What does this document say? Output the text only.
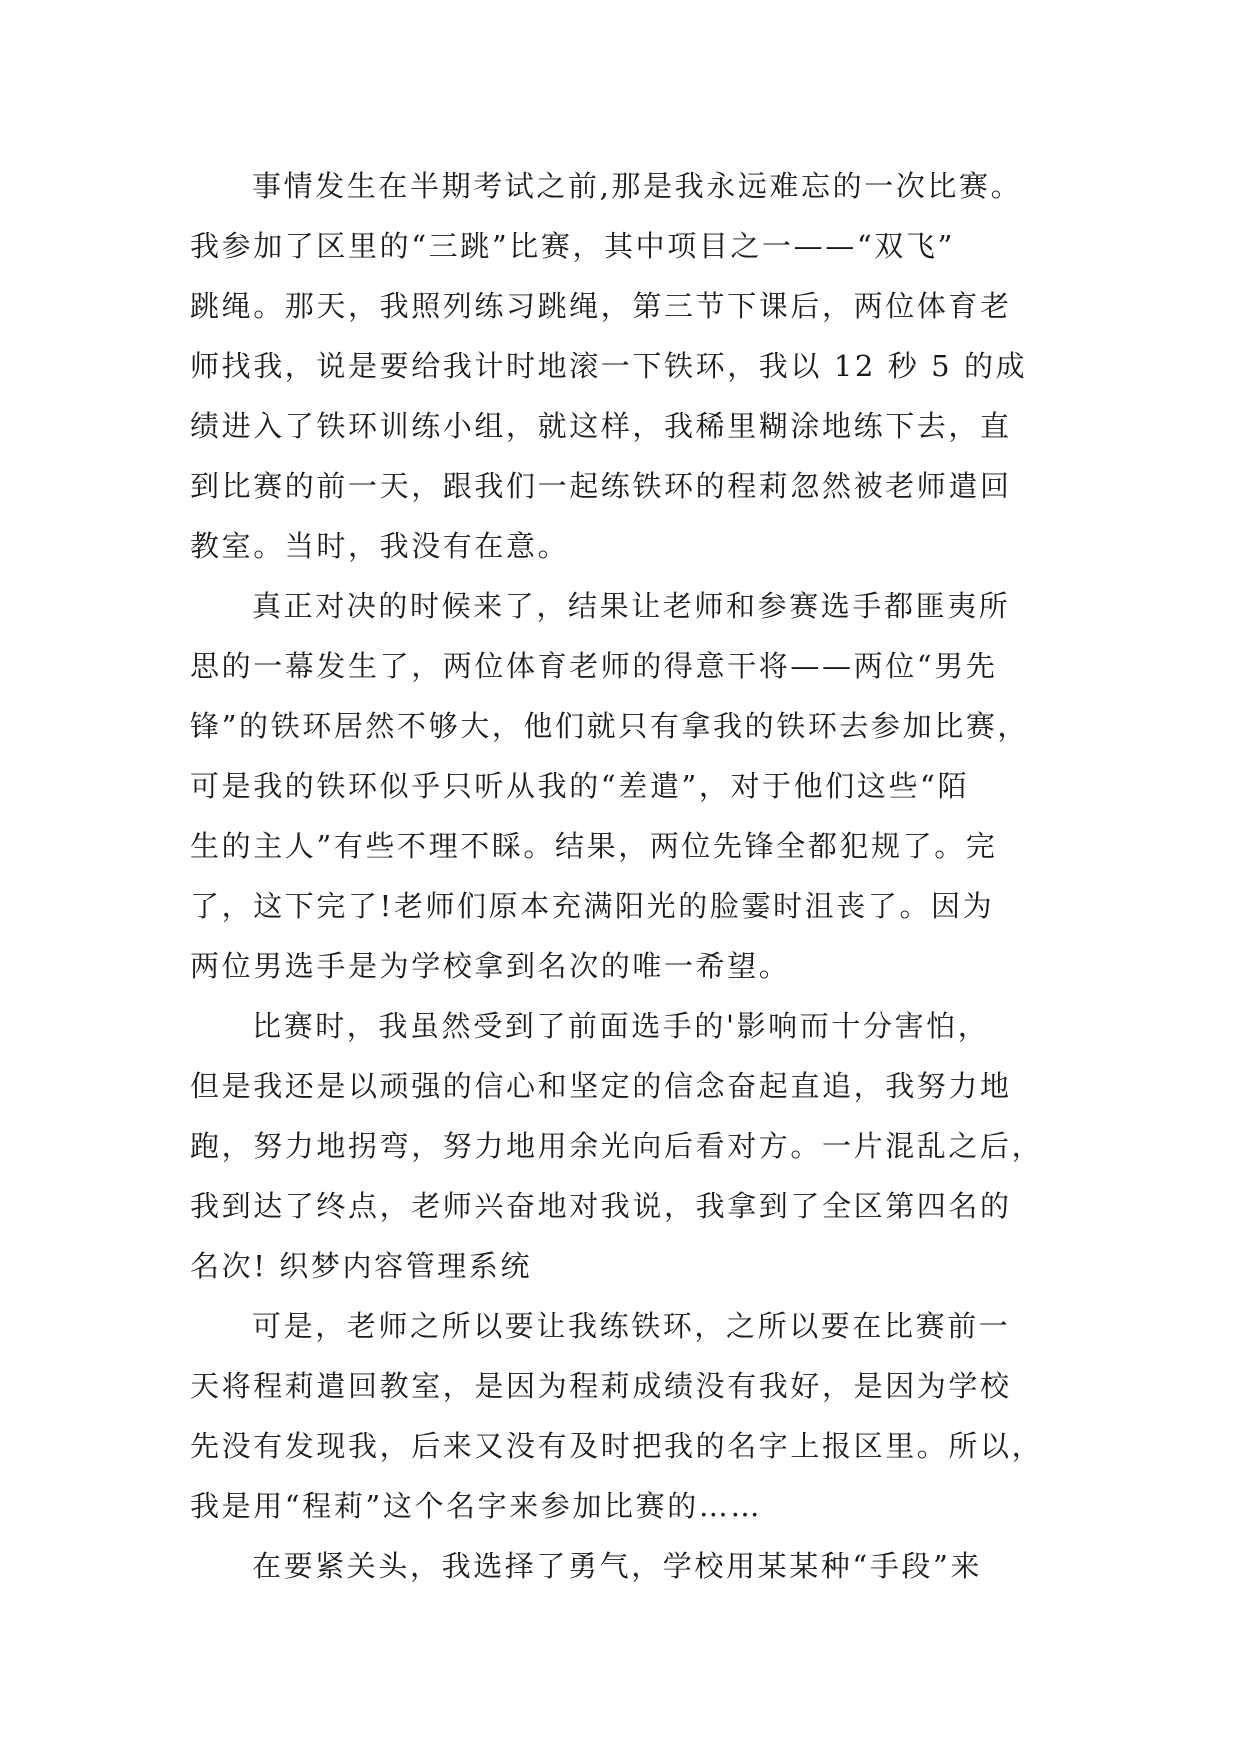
事情发生在半期考试之前,那是我永远难忘的一次比赛。
我参加了区里的“三跳”比赛，其中项目之一——“双飞”
跳绳。那天，我照列练习跳绳，第三节下课后，两位体育老
师找我，说是要给我计时地滚一下铁环，我以 12 秒 5 的成
绩进入了铁环训练小组，就这样，我稀里糊涂地练下去，直
到比赛的前一天，跟我们一起练铁环的程莉忽然被老师遣回
教室。当时，我没有在意。
真正对决的时候来了，结果让老师和参赛选手都匪夷所
思的一幕发生了，两位体育老师的得意干将——两位“男先
锋”的铁环居然不够大，他们就只有拿我的铁环去参加比赛，
可是我的铁环似乎只听从我的“差遣”，对于他们这些“陌
生的主人”有些不理不睬。结果，两位先锋全都犯规了。完
了，这下完了!老师们原本充满阳光的脸霎时沮丧了。因为
两位男选手是为学校拿到名次的唯一希望。
比赛时，我虽然受到了前面选手的'影响而十分害怕，
但是我还是以顽强的信心和坚定的信念奋起直追，我努力地
跑，努力地拐弯，努力地用余光向后看对方。一片混乱之后，
我到达了终点，老师兴奋地对我说，我拿到了全区第四名的
名次! 织梦内容管理系统
可是，老师之所以要让我练铁环，之所以要在比赛前一
天将程莉遣回教室，是因为程莉成绩没有我好，是因为学校
先没有发现我，后来又没有及时把我的名字上报区里。所以，
我是用“程莉”这个名字来参加比赛的……
在要紧关头，我选择了勇气，学校用某某种“手段”来
